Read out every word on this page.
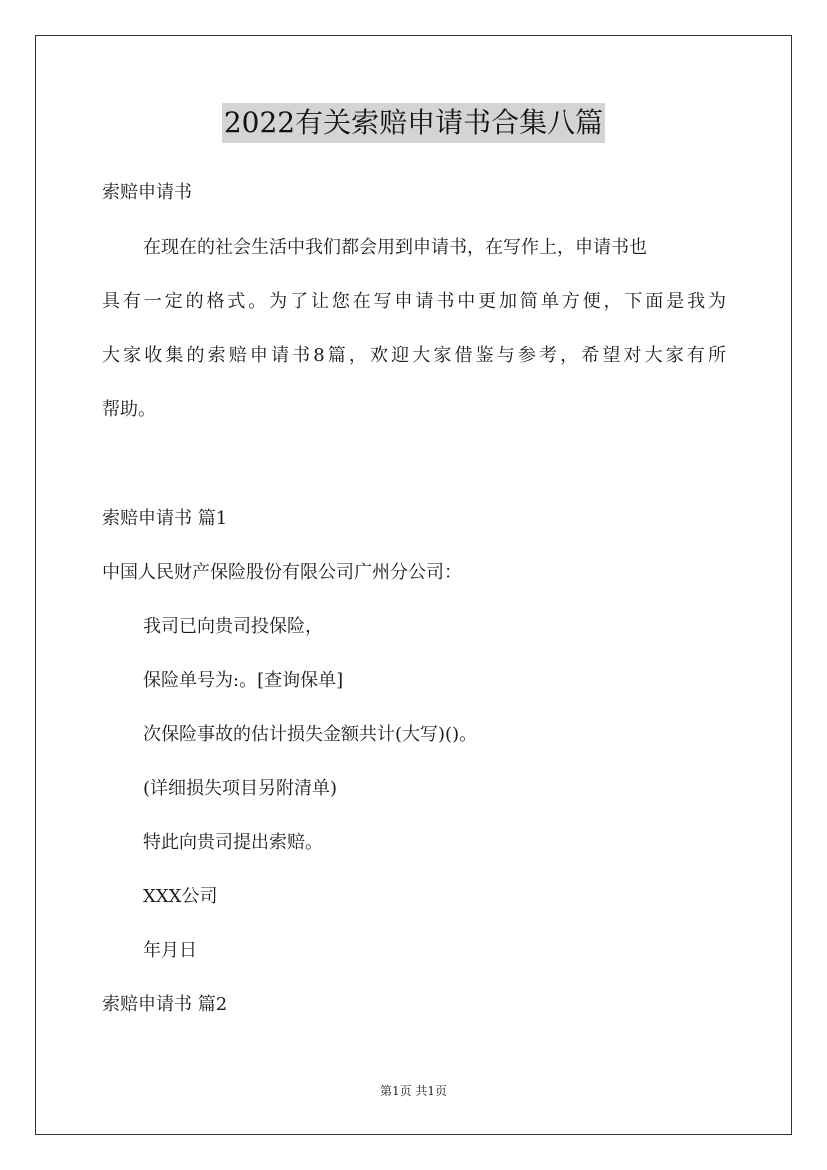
2022有关索赔申请书合集八篇
索赔申请书
在现在的社会生活中我们都会用到申请书，在写作上，申请书也
具有一定的格式。为了让您在写申请书中更加简单方便，下面是我为
大家收集的索赔申请书8篇，欢迎大家借鉴与参考，希望对大家有所
帮助。
索赔申请书 篇1
中国人民财产保险股份有限公司广州分公司：
我司已向贵司投保险，
保险单号为:。[查询保单]
次保险事故的估计损失金额共计(大写)()。
(详细损失项目另附清单)
特此向贵司提出索赔。
XXX公司
年月日
索赔申请书 篇2
第1页 共1页
